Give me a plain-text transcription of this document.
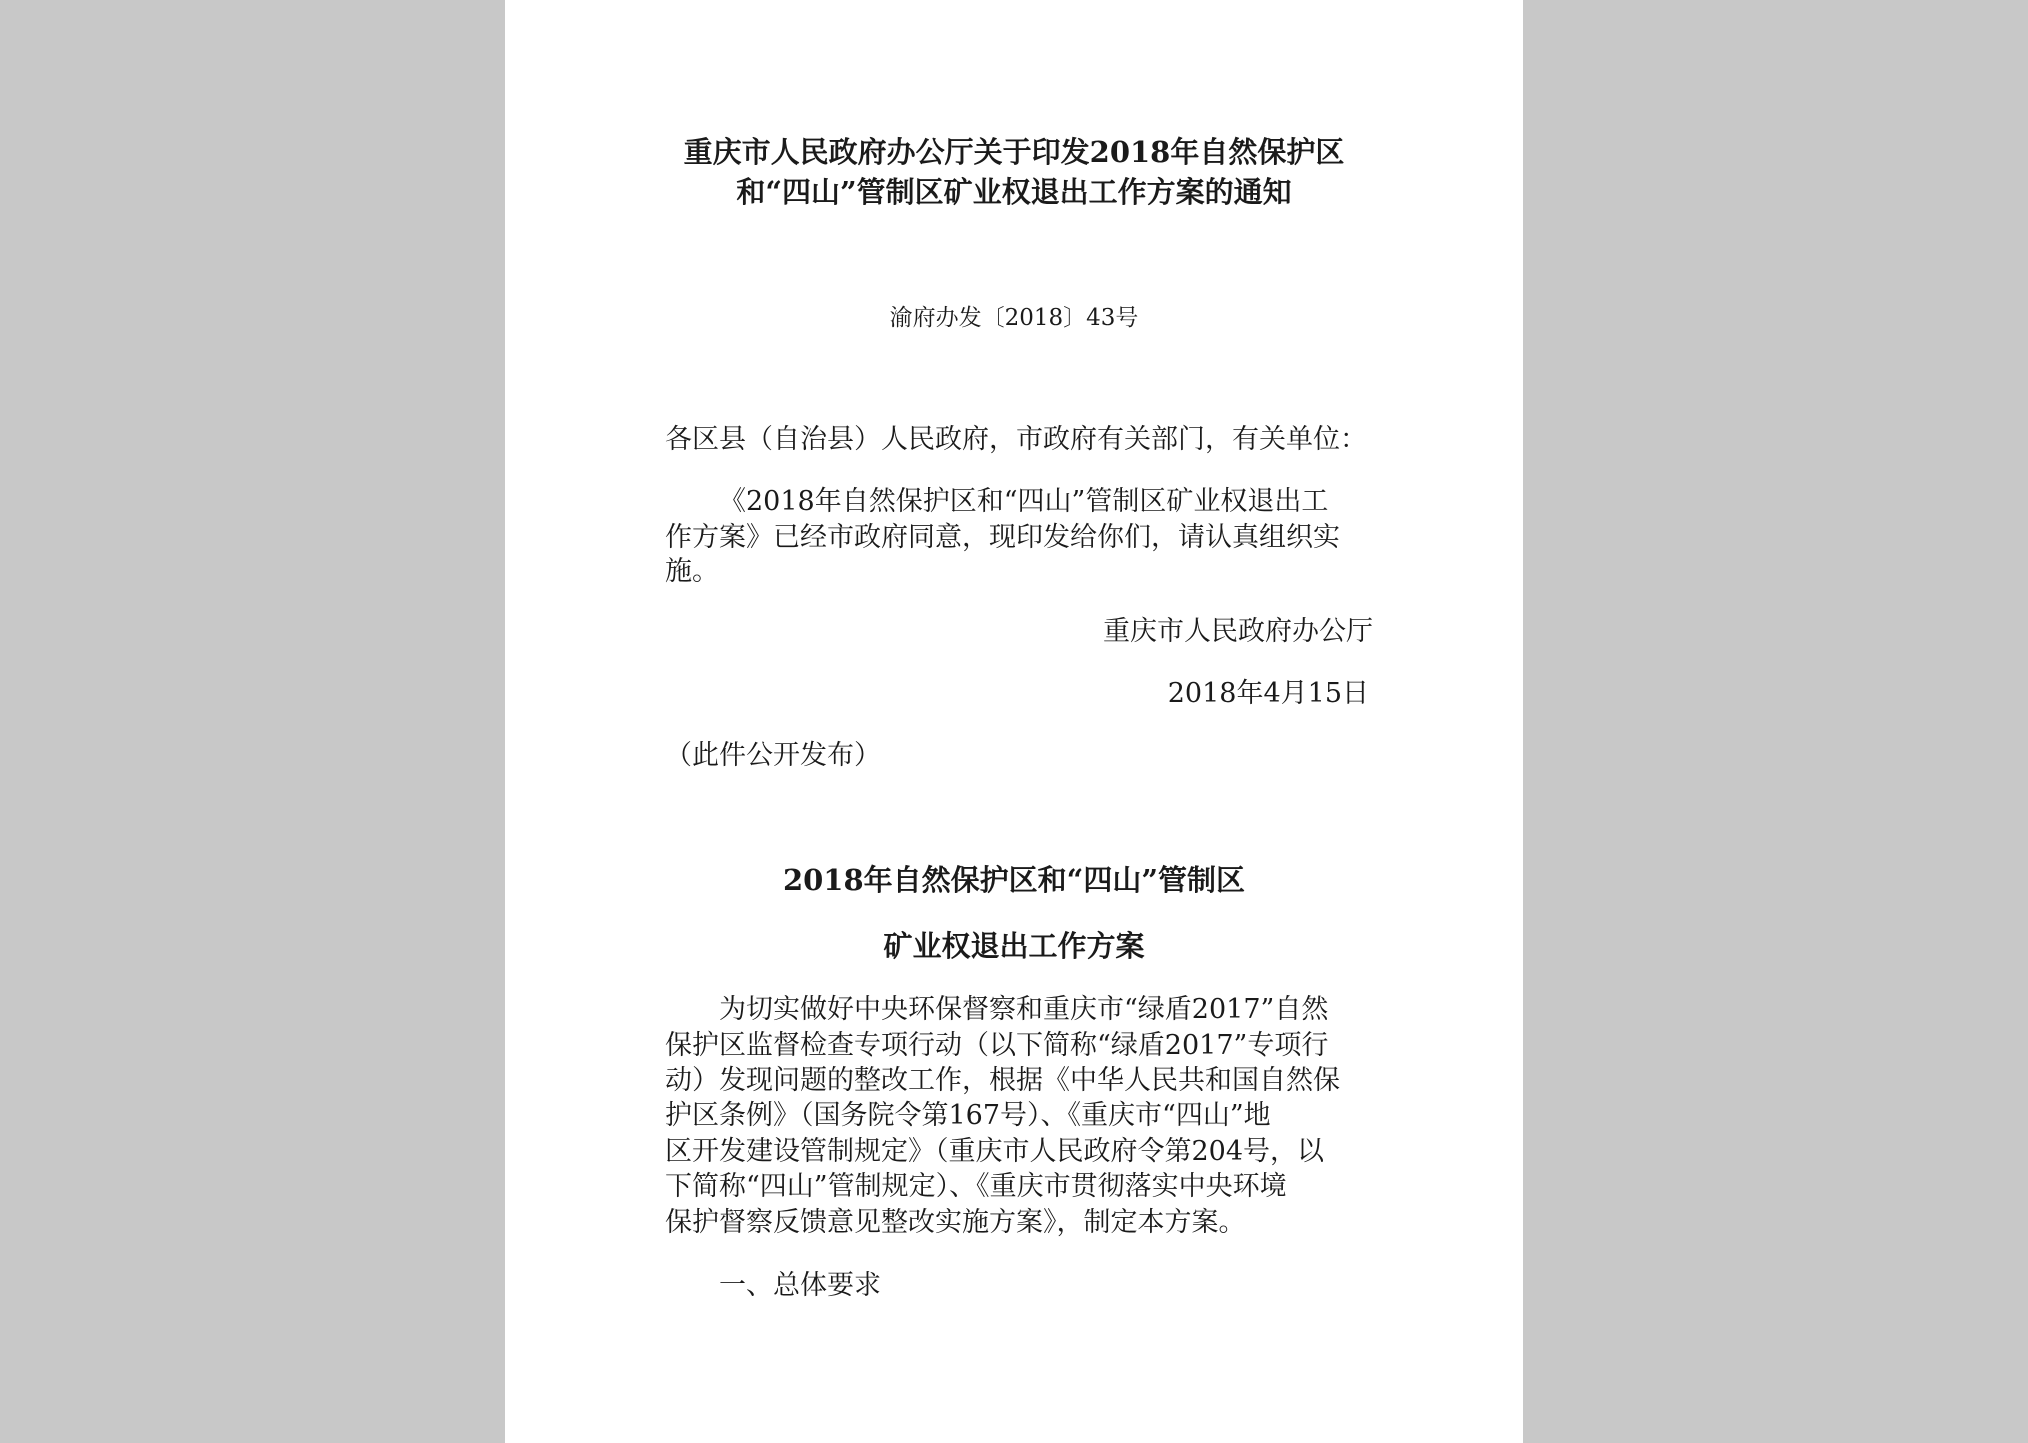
重庆市人民政府办公厅关于印发2018年自然保护区
和“四山”管制区矿业权退出工作方案的通知
渝府办发〔2018〕43号
各区县（自治县）人民政府，市政府有关部门，有关单位：
《2018年自然保护区和“四山”管制区矿业权退出工
作方案》已经市政府同意，现印发给你们，请认真组织实
施。
重庆市人民政府办公厅
2018年4月15日
（此件公开发布）
2018年自然保护区和“四山”管制区
矿业权退出工作方案
为切实做好中央环保督察和重庆市“绿盾2017”自然
保护区监督检查专项行动（以下简称“绿盾2017”专项行
动）发现问题的整改工作，根据《中华人民共和国自然保
护区条例》（国务院令第167号）、《重庆市“四山”地
区开发建设管制规定》（重庆市人民政府令第204号，以
下简称“四山”管制规定）、《重庆市贯彻落实中央环境
保护督察反馈意见整改实施方案》，制定本方案。
一、总体要求
